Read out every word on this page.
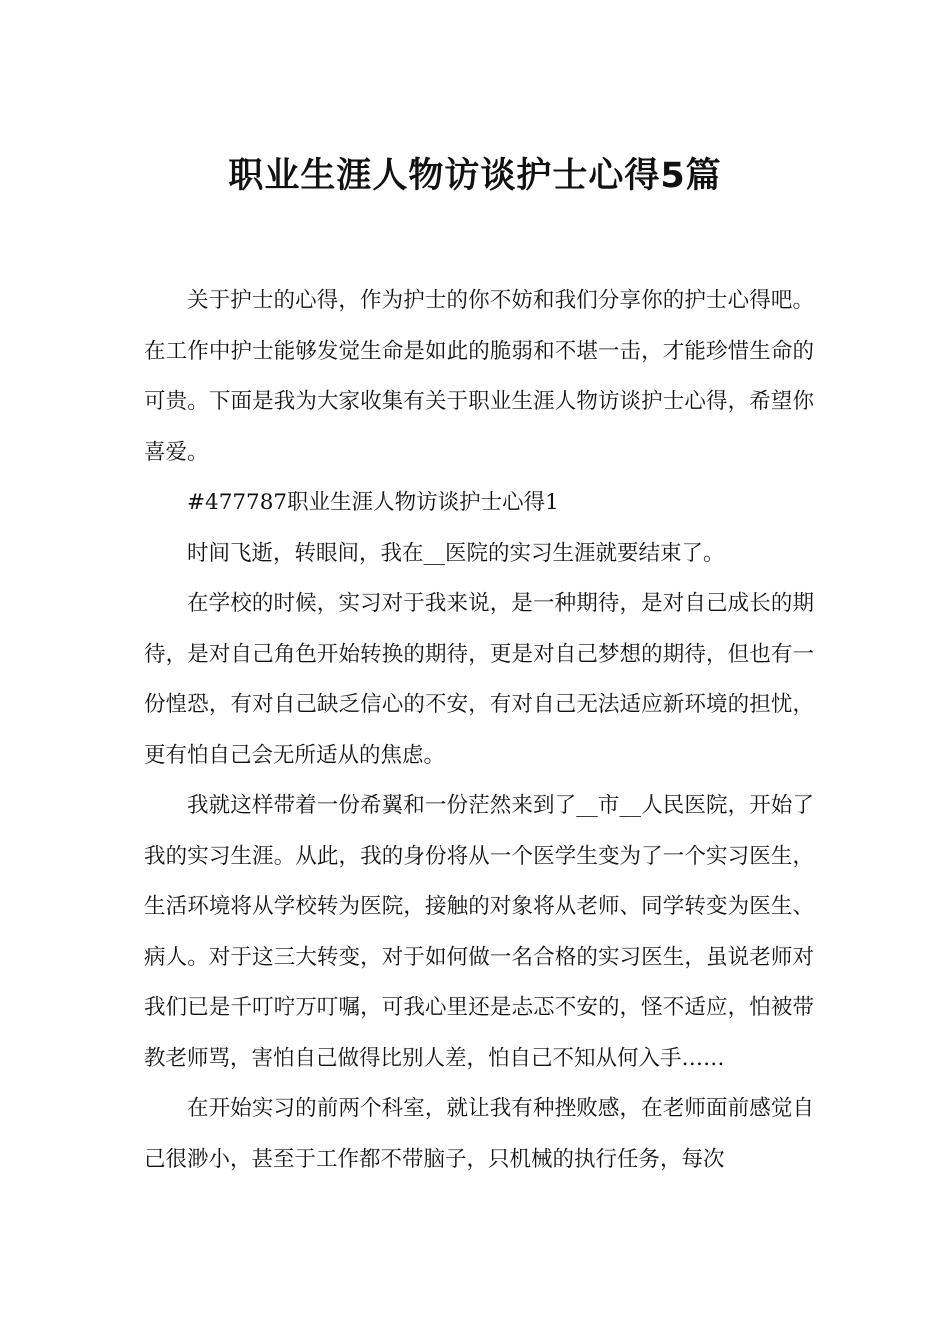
职业生涯人物访谈护士心得5篇

关于护士的心得，作为护士的你不妨和我们分享你的护士心得吧。在工作中护士能够发觉生命是如此的脆弱和不堪一击，才能珍惜生命的可贵。下面是我为大家收集有关于职业生涯人物访谈护士心得，希望你喜爱。

#477787职业生涯人物访谈护士心得1

时间飞逝，转眼间，我在__医院的实习生涯就要结束了。

在学校的时候，实习对于我来说，是一种期待，是对自己成长的期待，是对自己角色开始转换的期待，更是对自己梦想的期待，但也有一份惶恐，有对自己缺乏信心的不安，有对自己无法适应新环境的担忧，更有怕自己会无所适从的焦虑。

我就这样带着一份希翼和一份茫然来到了__市__人民医院，开始了我的实习生涯。从此，我的身份将从一个医学生变为了一个实习医生，生活环境将从学校转为医院，接触的对象将从老师、同学转变为医生、病人。对于这三大转变，对于如何做一名合格的实习医生，虽说老师对我们已是千叮咛万叮嘱，可我心里还是忐忑不安的，怪不适应，怕被带教老师骂，害怕自己做得比别人差，怕自己不知从何入手……

在开始实习的前两个科室，就让我有种挫败感，在老师面前感觉自己很渺小，甚至于工作都不带脑子，只机械的执行任务，每次
